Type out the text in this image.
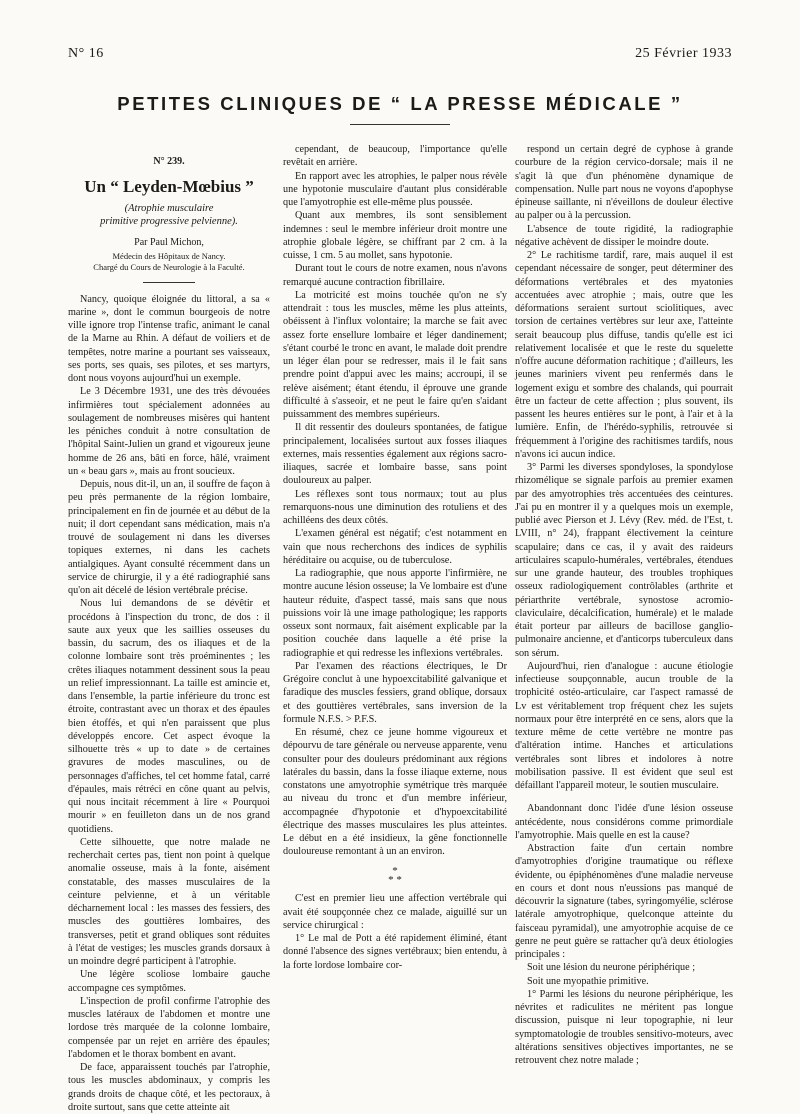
N° 16	25 Février 1933
PETITES CLINIQUES DE “ LA PRESSE MÉDICALE ”
N° 239.
Un “ Leyden-Mœbius ”
(Atrophie musculaire
primitive progressive pelvienne).
Par Paul Michon,
Médecin des Hôpitaux de Nancy.
Chargé du Cours de Neurologie à la Faculté.

Nancy, quoique éloignée du littoral, a sa « marine », dont le commun bourgeois de notre ville ignore trop l'intense trafic, animant le canal de la Marne au Rhin. A défaut de voiliers et de tempêtes, notre marine a pourtant ses vaisseaux, ses ports, ses quais, ses pilotes, et ses martyrs, dont nous voyons aujourd'hui un exemple.

Le 3 Décembre 1931, une des très dévouées infirmières tout spécialement adonnées au soulagement de nombreuses misères qui hantent les péniches conduit à notre consultation de l'hôpital Saint-Julien un grand et vigoureux jeune homme de 26 ans, bâti en force, hâlé, vraiment un « beau gars », mais au front soucieux.

Depuis, nous dit-il, un an, il souffre de façon à peu près permanente de la région lombaire, principalement en fin de journée et au début de la nuit; il dort cependant sans médication, mais n'a trouvé de soulagement ni dans les diverses topiques externes, ni dans les cachets antialgiques. Ayant consulté récemment dans un service de chirurgie, il y a été radiographié sans qu'on ait décelé de lésion vertébrale précise.

Nous lui demandons de se dévêtir et procédons à l'inspection du tronc, de dos : il saute aux yeux que les saillies osseuses du bassin, du sacrum, des os iliaques et de la colonne lombaire sont très proéminentes ; les crêtes iliaques notamment dessinent sous la peau un relief impressionnant. La taille est amincie et, dans l'ensemble, la partie inférieure du tronc est étroite, contrastant avec un thorax et des épaules bien étoffés, et qui n'en paraissent que plus développés encore. Cet aspect évoque la silhouette très « up to date » de certaines gravures de modes masculines, ou de personnages d'affiches, tel cet homme fatal, carré d'épaules, mais rétréci en cône quant au pelvis, qui nous incitait récemment à lire « Pourquoi mourir » en feuilleton dans un de nos grand quotidiens.

Cette silhouette, que notre malade ne recherchait certes pas, tient non point à quelque anomalie osseuse, mais à la fonte, aisément constatable, des masses musculaires de la ceinture pelvienne, et à un véritable décharnement local : les masses des fessiers, des muscles des gouttières lombaires, des transverses, petit et grand obliques sont réduites à l'état de vestiges; les muscles grands dorsaux à un moindre degré participent à l'atrophie.

Une légère scoliose lombaire gauche accompagne ces symptômes.

L'inspection de profil confirme l'atrophie des muscles latéraux de l'abdomen et montre une lordose très marquée de la colonne lombaire, compensée par un rejet en arrière des épaules; l'abdomen et le thorax bombent en avant.

De face, apparaissent touchés par l'atrophie, tous les muscles abdominaux, y compris les grands droits de chaque côté, et les pectoraux, à droite surtout, sans que cette atteinte ait

cependant, de beaucoup, l'importance qu'elle revêtait en arrière.

En rapport avec les atrophies, le palper nous révèle une hypotonie musculaire d'autant plus considérable que l'amyotrophie est elle-même plus poussée.

Quant aux membres, ils sont sensiblement indemnes : seul le membre inférieur droit montre une atrophie globale légère, se chiffrant par 2 cm. à la cuisse, 1 cm. 5 au mollet, sans hypotonie.

Durant tout le cours de notre examen, nous n'avons remarqué aucune contraction fibrillaire.

La motricité est moins touchée qu'on ne s'y attendrait : tous les muscles, même les plus atteints, obéissent à l'influx volontaire; la marche se fait avec assez forte ensellure lombaire et léger dandinement; s'étant courbé le tronc en avant, le malade doit prendre un léger élan pour se redresser, mais il le fait sans prendre point d'appui avec les mains; accroupi, il se relève aisément; étant étendu, il éprouve une grande difficulté à s'asseoir, et ne peut le faire qu'en s'aidant puissamment des membres supérieurs.

Il dit ressentir des douleurs spontanées, de fatigue principalement, localisées surtout aux fosses iliaques externes, mais ressenties également aux régions sacro-iliaques, sacrée et lombaire basse, sans point douloureux au palper.

Les réflexes sont tous normaux; tout au plus remarquons-nous une diminution des rotuliens et des achilléens des deux côtés.

L'examen général est négatif; c'est notamment en vain que nous recherchons des indices de syphilis héréditaire ou acquise, ou de tuberculose.

La radiographie, que nous apporte l'infirmière, ne montre aucune lésion osseuse; la Ve lombaire est d'une hauteur réduite, d'aspect tassé, mais sans que nous puissions voir là une image pathologique; les rapports osseux sont normaux, fait aisément explicable par la position couchée dans laquelle a été prise la radiographie et qui redresse les inflexions vertébrales.

Par l'examen des réactions électriques, le Dr Grégoire conclut à une hypoexcitabilité galvanique et faradique des muscles fessiers, grand oblique, dorsaux et des gouttières vertébrales, sans inversion de la formule N.F.S. > P.F.S.

En résumé, chez ce jeune homme vigoureux et dépourvu de tare générale ou nerveuse apparente, venu consulter pour des douleurs prédominant aux régions latérales du bassin, dans la fosse iliaque externe, nous constatons une amyotrophie symétrique très marquée au niveau du tronc et d'un membre inférieur, accompagnée d'hypotonie et d'hypoexcitabilité électrique des masses musculaires les plus atteintes. Le début en a été insidieux, la gêne fonctionnelle douloureuse remontant à un an environ.

*
* *

C'est en premier lieu une affection vertébrale qui avait été soupçonnée chez ce malade, aiguillé sur un service chirurgical :

1° Le mal de Pott a été rapidement éliminé, étant donné l'absence des signes vertébraux; bien entendu, à la forte lordose lombaire cor-

respond un certain degré de cyphose à grande courbure de la région cervico-dorsale; mais il ne s'agit là que d'un phénomène dynamique de compensation. Nulle part nous ne voyons d'apophyse épineuse saillante, ni n'éveillons de douleur élective au palper ou à la percussion.

L'absence de toute rigidité, la radiographie négative achèvent de dissiper le moindre doute.

2° Le rachitisme tardif, rare, mais auquel il est cependant nécessaire de songer, peut déterminer des déformations vertébrales et des myatonies accentuées avec atrophie ; mais, outre que les déformations seraient surtout sciolitiques, avec torsion de certaines vertèbres sur leur axe, l'atteinte serait beaucoup plus diffuse, tandis qu'elle est ici relativement localisée et que le reste du squelette n'offre aucune déformation rachitique ; d'ailleurs, les jeunes mariniers vivent peu renfermés dans le logement exigu et sombre des chalands, qui pourrait être un facteur de cette affection ; plus souvent, ils passent les heures entières sur le pont, à l'air et à la lumière. Enfin, de l'hérédo-syphilis, retrouvée si fréquemment à l'origine des rachitismes tardifs, nous n'avons ici aucun indice.

3° Parmi les diverses spondyloses, la spondylose rhizomélique se signale parfois au premier examen par des amyotrophies très accentuées des ceintures. J'ai pu en montrer il y a quelques mois un exemple, publié avec Pierson et J. Lévy (Rev. méd. de l'Est, t. LVIII, n° 24), frappant électivement la ceinture scapulaire; dans ce cas, il y avait des raideurs articulaires scapulo-humérales, vertébrales, étendues sur une grande hauteur, des troubles trophiques osseux radiologiquement contrôlables (arthrite et périarthrite vertébrale, synostose acromio-claviculaire, décalcification, humérale) et le malade était porteur par ailleurs de bacillose ganglio-pulmonaire ancienne, et d'anticorps tuberculeux dans son sérum.

Aujourd'hui, rien d'analogue : aucune étiologie infectieuse soupçonnable, aucun trouble de la trophicité ostéo-articulaire, car l'aspect ramassé de Lv est véritablement trop fréquent chez les sujets normaux pour être interprété en ce sens, alors que la texture même de cette vertèbre ne montre pas d'altération intime. Hanches et articulations vertébrales sont libres et indolores à notre mobilisation passive. Il est évident que seul est défaillant l'appareil moteur, le soutien musculaire.

Abandonnant donc l'idée d'une lésion osseuse antécédente, nous considérons comme primordiale l'amyotrophie. Mais quelle en est la cause?

Abstraction faite d'un certain nombre d'amyotrophies d'origine traumatique ou réflexe évidente, ou épiphénomènes d'une maladie nerveuse en cours et dont nous n'eussions pas manqué de découvrir la signature (tabes, syringomyélie, sclérose latérale amyotrophique, quelconque atteinte du faisceau pyramidal), une amyotrophie acquise de ce genre ne peut guère se rattacher qu'à deux étiologies principales :

Soit une lésion du neurone périphérique ;

Soit une myopathie primitive.

1° Parmi les lésions du neurone périphérique, les névrites et radiculites ne méritent pas longue discussion, puisque ni leur topographie, ni leur symptomatologie de troubles sensitivo-moteurs, avec altérations sensitives objectives importantes, ne se retrouvent chez notre malade ;
